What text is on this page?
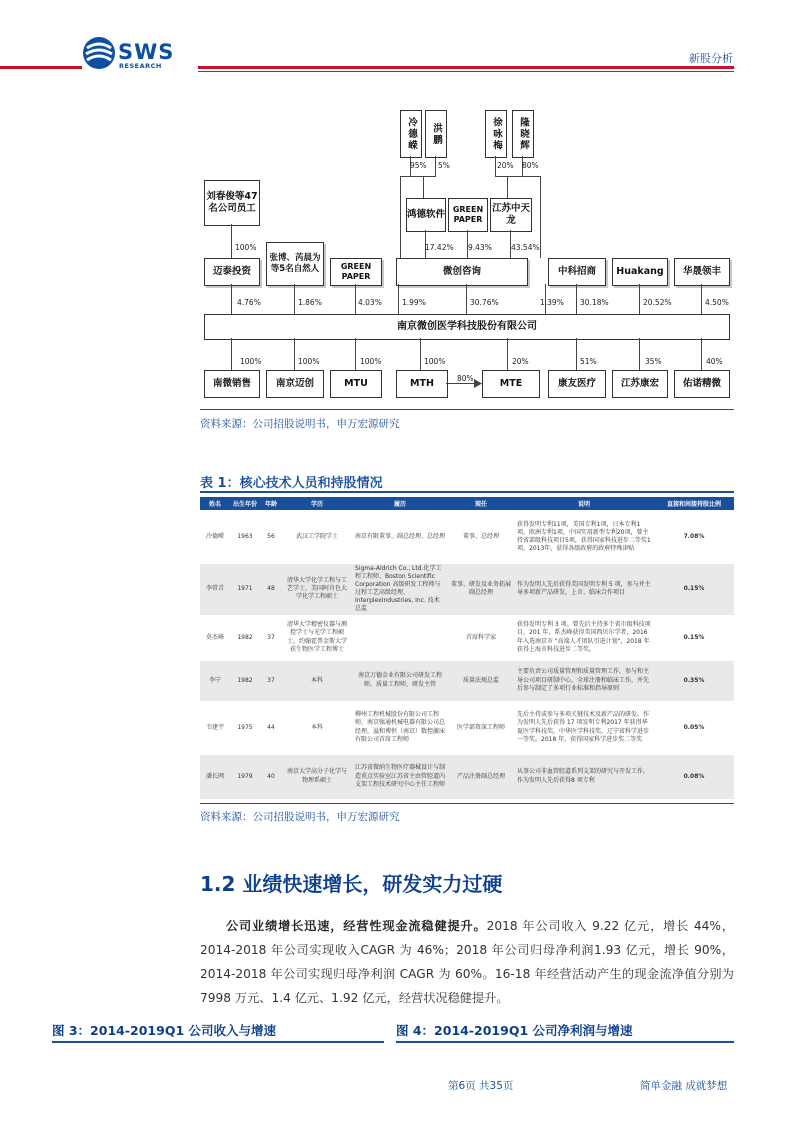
SWS
RESEARCH
新股分析
冷德嵘	洪鹏	徐咏梅	隆晓辉
95% 5%	20% 80%
鸿德软件 GREEN PAPER
江苏中天龙
17.42% 9.43%	43.54%
刘春俊等47名公司员工
100%
迈泰投资
张博、芮晨为等5名自然人	GREEN PAPER	微创咨询	中科招商	Huakang	华晟领丰
4.76%	1.86%	4.03%	1.99%	30.76%	1.39% 30.18%	20.52%	4.50%
南京微创医学科技股份有限公司
100%	100%	100%	100%	20%	51%	35%	40%
南微销售	南京迈创	MTU	MTH	80%	MTE	康友医疗	江苏康宏	佑诺精微
资料来源：公司招股说明书，申万宏源研究
表 1：核心技术人员和持股情况
姓名	出生年份	年龄	学历	履历	现任	说明	直接和间接持股比例
冷德嵘	1963	56	武汉工学院学士	南京有限董事、副总经理、总经理	董事、总经理	获得发明专利11项，美国专利1项，日本专利1项，欧洲专利1项，中国实用新型专利20项，曾主持省部级科技项目5项，获得国家科技进步二等奖1项，2013年，获得各级政府的政府特殊津贴	7.08%
李常青	1971	48	清华大学化学工程与工艺学士，美国阿肯色大学化学工程硕士	Sigma-Aldrich Co., Ltd.化学工程工程师、Boston Scientific Corporation 高级研发工程师与过程工艺高级经理、InterplexIndustries, Inc. 技术总监	董事、研发及业务拓展副总经理	作为发明人先后获得美国发明专利 5 项，参与并主导多项新产品研发，上市、临床合作项目	0.15%
莫杰峰	1982	37	清华大学精密仪器与测控学士与光学工程硕士，约翰霍普金斯大学获生物医学工程博士		首席科学家	获得发明专利 3 项。曾先后主持多个省市级科技项目，201 年，系杰峰获得美国西贝尔学者，2016 年入选南京市 "高端人才团队引进计划"，2018 年获得上海市科技进步二等奖。	0.15%
李宁	1982	37	本科	南京万德金业有限公司研发工程师，质量工程师，研发主管	质量法规总监	主要负责公司质量管理和质量管理工作，参与和主导公司项目研制中心，全球注册和临床工作，并先后参与制定了多项行业标准和指导原则	0.35%
韦建宇	1975	44	本科	柳州工程机械股份有限公司工程师，南京强通机械电器有限公司总经理，溢和博恒（南京）数控激床有限公司首席工程师	医学部资深工程师	先后主持或参与多项关键技术及新产品的研发。作为发明人先后获得 17 项发明专利2017 年获得华夏医学科技奖，中华医学科技奖，辽宁省科学进步一等奖，2018 年，获得国家科学进步奖二等奖	0.05%
潘长网	1979	40	南京大学高分子化学与物理系硕士	江苏省微纳生物医疗器械设计与制造重点实验室江苏省主由管腔道内支架工程技术研究中心主任工程师	产品注册副总经理	从事公司非血管腔道系列支架的研究与开发工作，作为发明人先后获得8 项专利	0.08%
资料来源：公司招股说明书，申万宏源研究
1.2 业绩快速增长，研发实力过硬
公司业绩增长迅速，经营性现金流稳健提升。2018 年公司收入 9.22 亿元，增长 44%，2014-2018 年公司实现收入CAGR 为 46%；2018 年公司归母净利润1.93 亿元，增长 90%，2014-2018 年公司实现归母净利润 CAGR 为 60%。16-18 年经营活动产生的现金流净值分别为 7998 万元、1.4 亿元、1.92 亿元，经营状况稳健提升。
图 3：2014-2019Q1 公司收入与增速	图 4：2014-2019Q1 公司净利润与增速
第6页 共35页	简单金融 成就梦想
